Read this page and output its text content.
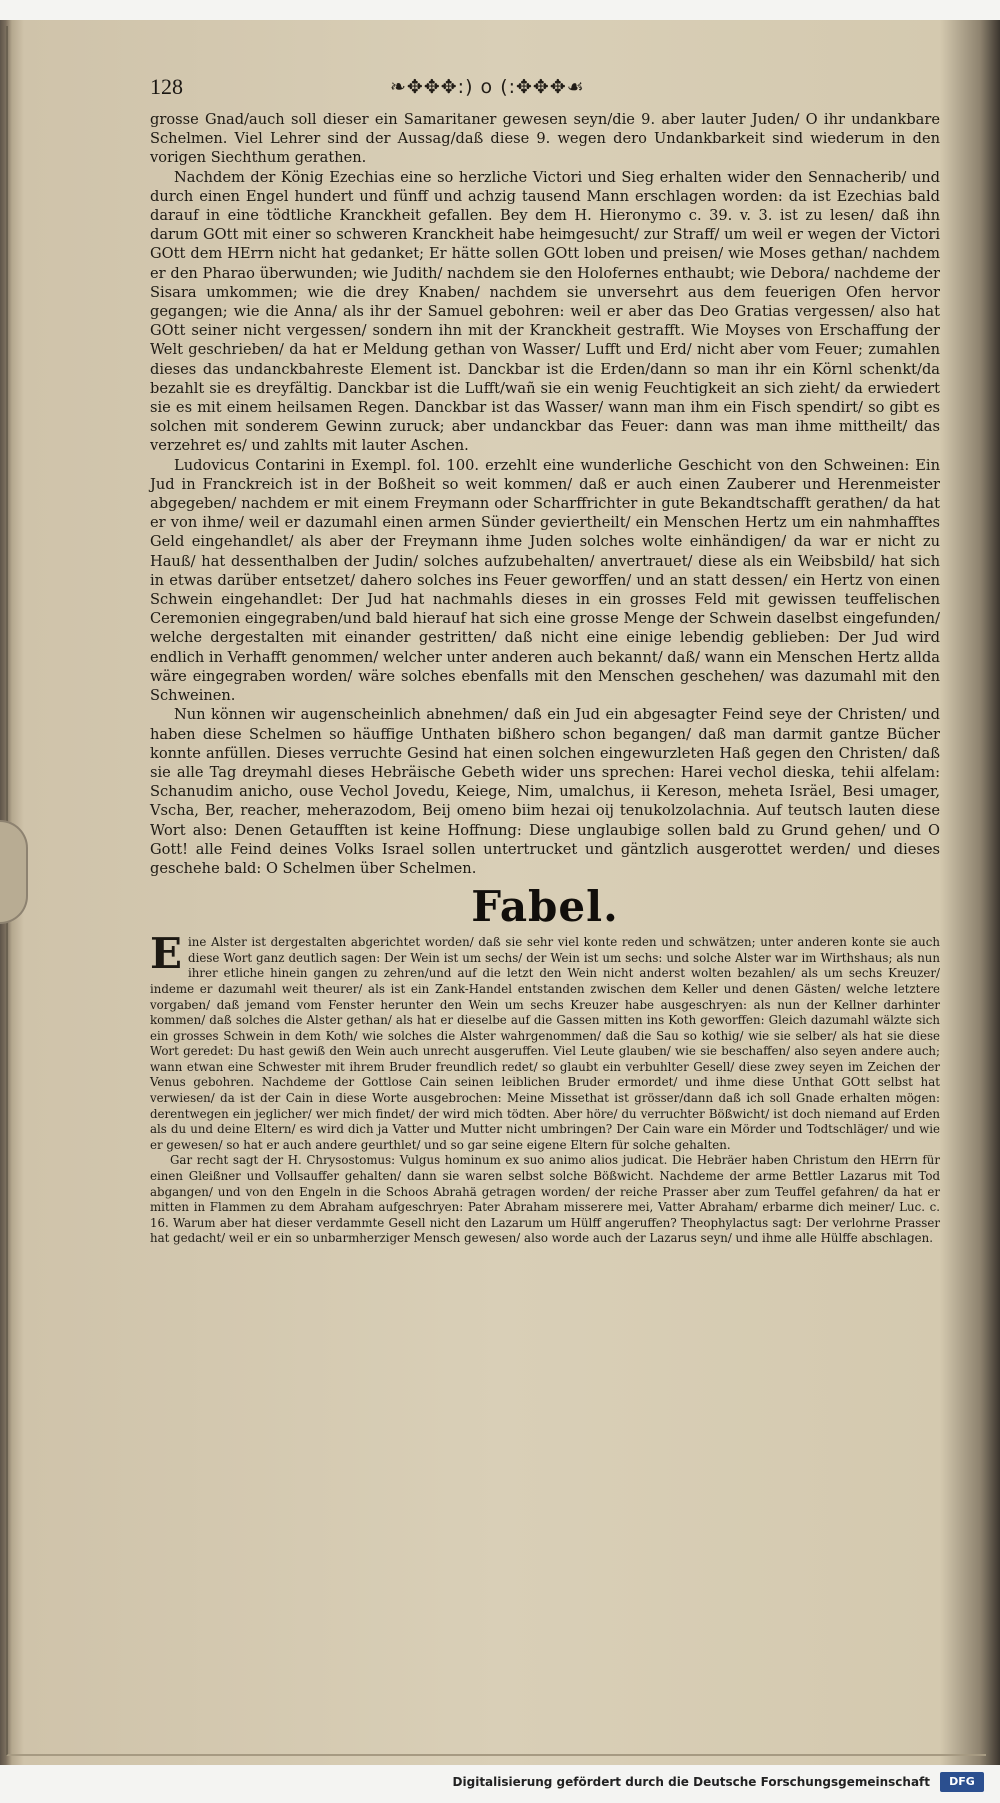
128	❧✥✥✥:) o (:✥✥✥☙

grosse Gnad/auch soll dieser ein Samaritaner gewesen seyn/die 9. aber lauter Juden/ O ihr undankbare Schelmen. Viel Lehrer sind der Aussag/daß diese 9. wegen dero Undankbarkeit sind wiederum in den vorigen Siechthum gerathen.

Nachdem der König Ezechias eine so herzliche Victori und Sieg erhalten wider den Sennacherib/ und durch einen Engel hundert und fünff und achzig tausend Mann erschlagen worden: da ist Ezechias bald darauf in eine tödtliche Kranckheit gefallen. Bey dem H. Hieronymo c. 39. v. 3. ist zu lesen/ daß ihn darum GOtt mit einer so schweren Kranckheit habe heimgesucht/ zur Straff/ um weil er wegen der Victori GOtt dem HErrn nicht hat gedanket; Er hätte sollen GOtt loben und preisen/ wie Moses gethan/ nachdem er den Pharao überwunden; wie Judith/ nachdem sie den Holofernes enthaubt; wie Debora/ nachdeme der Sisara umkommen; wie die drey Knaben/ nachdem sie unversehrt aus dem feuerigen Ofen hervor gegangen; wie die Anna/ als ihr der Samuel gebohren: weil er aber das Deo Gratias vergessen/ also hat GOtt seiner nicht vergessen/ sondern ihn mit der Kranckheit gestrafft. Wie Moyses von Erschaffung der Welt geschrieben/ da hat er Meldung gethan von Wasser/ Lufft und Erd/ nicht aber vom Feuer; zumahlen dieses das undanckbahreste Element ist. Danckbar ist die Erden/dann so man ihr ein Körnl schenkt/da bezahlt sie es dreyfältig. Danckbar ist die Lufft/wañ sie ein wenig Feuchtigkeit an sich zieht/ da erwiedert sie es mit einem heilsamen Regen. Danckbar ist das Wasser/ wann man ihm ein Fisch spendirt/ so gibt es solchen mit sonderem Gewinn zuruck; aber undanckbar das Feuer: dann was man ihme mittheilt/ das verzehret es/ und zahlts mit lauter Aschen.

Ludovicus Contarini in Exempl. fol. 100. erzehlt eine wunderliche Geschicht von den Schweinen: Ein Jud in Franckreich ist in der Boßheit so weit kommen/ daß er auch einen Zauberer und Herenmeister abgegeben/ nachdem er mit einem Freymann oder Scharffrichter in gute Bekandtschafft gerathen/ da hat er von ihme/ weil er dazumahl einen armen Sünder geviertheilt/ ein Menschen Hertz um ein nahmhafftes Geld eingehandlet/ als aber der Freymann ihme Juden solches wolte einhändigen/ da war er nicht zu Hauß/ hat dessenthalben der Judin/ solches aufzubehalten/ anvertrauet/ diese als ein Weibsbild/ hat sich in etwas darüber entsetzet/ dahero solches ins Feuer geworffen/ und an statt dessen/ ein Hertz von einen Schwein eingehandlet: Der Jud hat nachmahls dieses in ein grosses Feld mit gewissen teuffelischen Ceremonien eingegraben/und bald hierauf hat sich eine grosse Menge der Schwein daselbst eingefunden/ welche dergestalten mit einander gestritten/ daß nicht eine einige lebendig geblieben: Der Jud wird endlich in Verhafft genommen/ welcher unter anderen auch bekannt/ daß/ wann ein Menschen Hertz allda wäre eingegraben worden/ wäre solches ebenfalls mit den Menschen geschehen/ was dazumahl mit den Schweinen.

Nun können wir augenscheinlich abnehmen/ daß ein Jud ein abgesagter Feind seye der Christen/ und haben diese Schelmen so häuffige Unthaten bißhero schon begangen/ daß man darmit gantze Bücher konnte anfüllen. Dieses verruchte Gesind hat einen solchen eingewurzleten Haß gegen den Christen/ daß sie alle Tag dreymahl dieses Hebräische Gebeth wider uns sprechen: Harei vechol dieska, tehii alfelam: Schanudim anicho, ouse Vechol Jovedu, Keiege, Nim, umalchus, ii Kereson, meheta Isräel, Besi umager, Vscha, Ber, reacher, meherazodom, Beij omeno biim hezai oij tenukolzolachnia. Auf teutsch lauten diese Wort also: Denen Getaufften ist keine Hoffnung: Diese unglaubige sollen bald zu Grund gehen/ und O Gott! alle Feind deines Volks Israel sollen untertrucket und gäntzlich ausgerottet werden/ und dieses geschehe bald: O Schelmen über Schelmen.

Fabel.

Eine Alster ist dergestalten abgerichtet worden/ daß sie sehr viel konte reden und schwätzen; unter anderen konte sie auch diese Wort ganz deutlich sagen: Der Wein ist um sechs/ der Wein ist um sechs: und solche Alster war im Wirthshaus; als nun ihrer etliche hinein gangen zu zehren/und auf die letzt den Wein nicht anderst wolten bezahlen/ als um sechs Kreuzer/ indeme er dazumahl weit theurer/ als ist ein Zank-Handel entstanden zwischen dem Keller und denen Gästen/ welche letztere vorgaben/ daß jemand vom Fenster herunter den Wein um sechs Kreuzer habe ausgeschryen: als nun der Kellner darhinter kommen/ daß solches die Alster gethan/ als hat er dieselbe auf die Gassen mitten ins Koth geworffen: Gleich dazumahl wälzte sich ein grosses Schwein in dem Koth/ wie solches die Alster wahrgenommen/ daß die Sau so kothig/ wie sie selber/ als hat sie diese Wort geredet: Du hast gewiß den Wein auch unrecht ausgeruffen. Viel Leute glauben/ wie sie beschaffen/ also seyen andere auch; wann etwan eine Schwester mit ihrem Bruder freundlich redet/ so glaubt ein verbuhlter Gesell/ diese zwey seyen im Zeichen der Venus gebohren. Nachdeme der Gottlose Cain seinen leiblichen Bruder ermordet/ und ihme diese Unthat GOtt selbst hat verwiesen/ da ist der Cain in diese Worte ausgebrochen: Meine Missethat ist grösser/dann daß ich soll Gnade erhalten mögen: derentwegen ein jeglicher/ wer mich findet/ der wird mich tödten. Aber höre/ du verruchter Bößwicht/ ist doch niemand auf Erden als du und deine Eltern/ es wird dich ja Vatter und Mutter nicht umbringen? Der Cain ware ein Mörder und Todtschläger/ und wie er gewesen/ so hat er auch andere geurthlet/ und so gar seine eigene Eltern für solche gehalten.

Gar recht sagt der H. Chrysostomus: Vulgus hominum ex suo animo alios judicat. Die Hebräer haben Christum den HErrn für einen Gleißner und Vollsauffer gehalten/ dann sie waren selbst solche Bößwicht. Nachdeme der arme Bettler Lazarus mit Tod abgangen/ und von den Engeln in die Schoos Abrahä getragen worden/ der reiche Prasser aber zum Teuffel gefahren/ da hat er mitten in Flammen zu dem Abraham aufgeschryen: Pater Abraham misserere mei, Vatter Abraham/ erbarme dich meiner/ Luc. c. 16. Warum aber hat dieser verdammte Gesell nicht den Lazarum um Hülff angeruffen? Theophylactus sagt: Der verlohrne Prasser hat gedacht/ weil er ein so unbarmherziger Mensch gewesen/ also worde auch der Lazarus seyn/ und ihme alle Hülffe abschlagen.

Digitalisierung gefördert durch die Deutsche Forschungsgemeinschaft	DFG
